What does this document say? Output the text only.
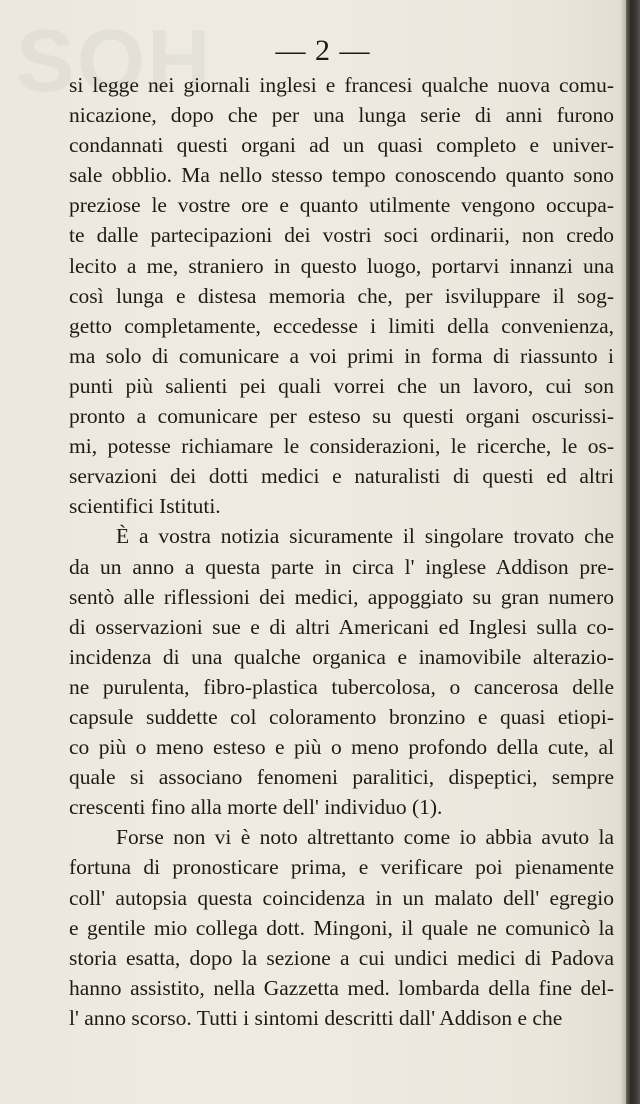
SOH	— 2 —
si legge nei giornali inglesi e francesi qualche nuova comu-
nicazione, dopo che per una lunga serie di anni furono
condannati questi organi ad un quasi completo e univer-
sale obblio. Ma nello stesso tempo conoscendo quanto sono
preziose le vostre ore e quanto utilmente vengono occupa-
te dalle partecipazioni dei vostri soci ordinarii, non credo
lecito a me, straniero in questo luogo, portarvi innanzi una
così lunga e distesa memoria che, per isviluppare il sog-
getto completamente, eccedesse i limiti della convenienza,
ma solo di comunicare a voi primi in forma di riassunto i
punti più salienti pei quali vorrei che un lavoro, cui son
pronto a comunicare per esteso su questi organi oscurissi-
mi, potesse richiamare le considerazioni, le ricerche, le os-
servazioni dei dotti medici e naturalisti di questi ed altri
scientifici Istituti.
È a vostra notizia sicuramente il singolare trovato che
da un anno a questa parte in circa l' inglese Addison pre-
sentò alle riflessioni dei medici, appoggiato su gran numero
di osservazioni sue e di altri Americani ed Inglesi sulla co-
incidenza di una qualche organica e inamovibile alterazio-
ne purulenta, fibro-plastica tubercolosa, o cancerosa delle
capsule suddette col coloramento bronzino e quasi etiopi-
co più o meno esteso e più o meno profondo della cute, al
quale si associano fenomeni paralitici, dispeptici, sempre
crescenti fino alla morte dell' individuo (1).
Forse non vi è noto altrettanto come io abbia avuto la
fortuna di pronosticare prima, e verificare poi pienamente
coll' autopsia questa coincidenza in un malato dell' egregio
e gentile mio collega dott. Mingoni, il quale ne comunicò la
storia esatta, dopo la sezione a cui undici medici di Padova
hanno assistito, nella Gazzetta med. lombarda della fine del-
l' anno scorso. Tutti i sintomi descritti dall' Addison e che
